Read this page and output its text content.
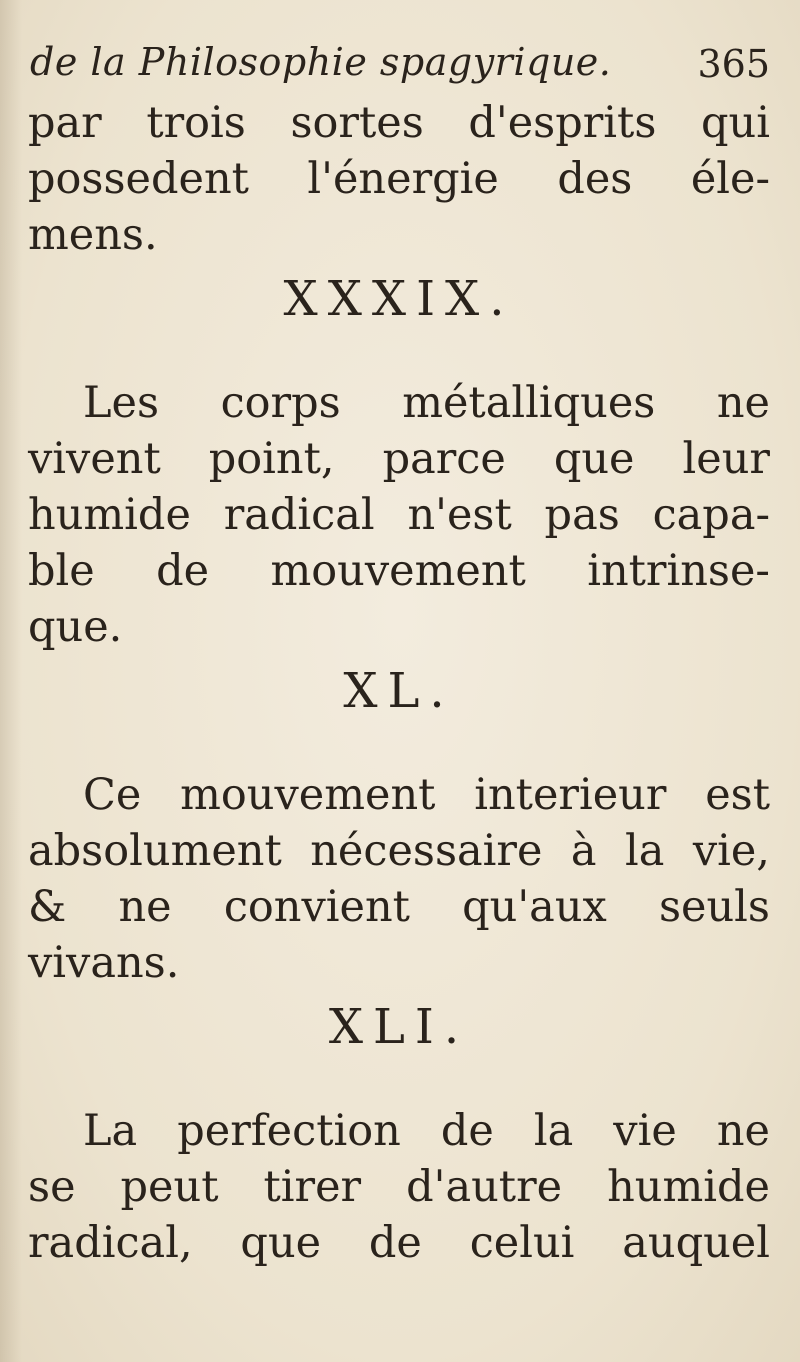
de la Philosophie spagyrique. 365
par trois sortes d'esprits qui
possedent l'énergie des éle-
mens.
XXXIX.
Les corps métalliques ne
vivent point, parce que leur
humide radical n'est pas capa-
ble de mouvement intrinse-
que.
XL.
Ce mouvement interieur est
absolument nécessaire à la vie,
& ne convient qu'aux seuls
vivans.
XLI.
La perfection de la vie ne
se peut tirer d'autre humide
radical, que de celui auquel
